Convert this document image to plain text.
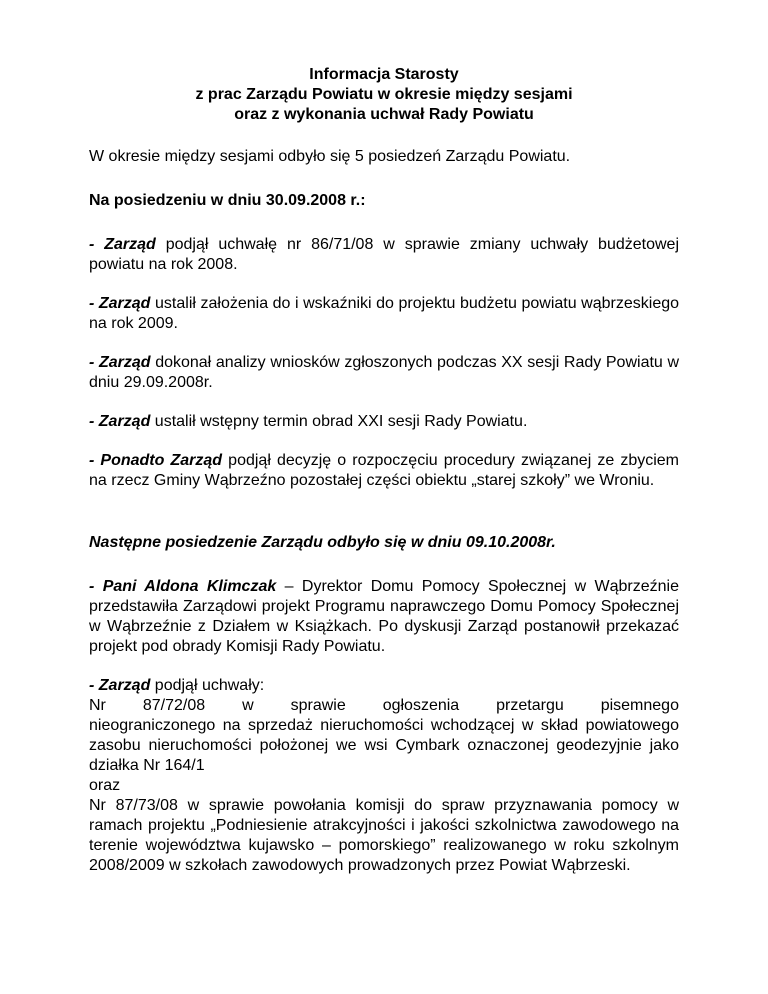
Informacja Starosty
z prac Zarządu Powiatu w okresie między sesjami
oraz z wykonania uchwał Rady Powiatu

W okresie między sesjami odbyło się 5 posiedzeń Zarządu Powiatu.

Na posiedzeniu w dniu 30.09.2008 r.:

- Zarząd podjął uchwałę nr 86/71/08 w sprawie zmiany uchwały budżetowej powiatu na rok 2008.

- Zarząd ustalił założenia do i wskaźniki do projektu budżetu powiatu wąbrzeskiego na rok 2009.

- Zarząd dokonał analizy wniosków zgłoszonych podczas XX sesji Rady Powiatu w dniu 29.09.2008r.

- Zarząd ustalił wstępny termin obrad XXI sesji Rady Powiatu.

- Ponadto Zarząd podjął decyzję o rozpoczęciu procedury związanej ze zbyciem na rzecz Gminy Wąbrzeźno pozostałej części obiektu „starej szkoły” we Wroniu.

Następne posiedzenie Zarządu odbyło się w dniu 09.10.2008r.

- Pani Aldona Klimczak – Dyrektor Domu Pomocy Społecznej w Wąbrzeźnie przedstawiła Zarządowi projekt Programu naprawczego Domu Pomocy Społecznej w Wąbrzeźnie z Działem w Książkach. Po dyskusji Zarząd postanowił przekazać projekt pod obrady Komisji Rady Powiatu.

- Zarząd podjął uchwały:

Nr 87/72/08 w sprawie ogłoszenia przetargu pisemnego

nieograniczonego na sprzedaż nieruchomości wchodzącej w skład powiatowego zasobu nieruchomości położonej we wsi Cymbark oznaczonej geodezyjnie jako działka Nr 164/1

oraz

Nr 87/73/08 w sprawie powołania komisji do spraw przyznawania pomocy w ramach projektu „Podniesienie atrakcyjności i jakości szkolnictwa zawodowego na terenie województwa kujawsko – pomorskiego” realizowanego w roku szkolnym 2008/2009 w szkołach zawodowych prowadzonych przez Powiat Wąbrzeski.
